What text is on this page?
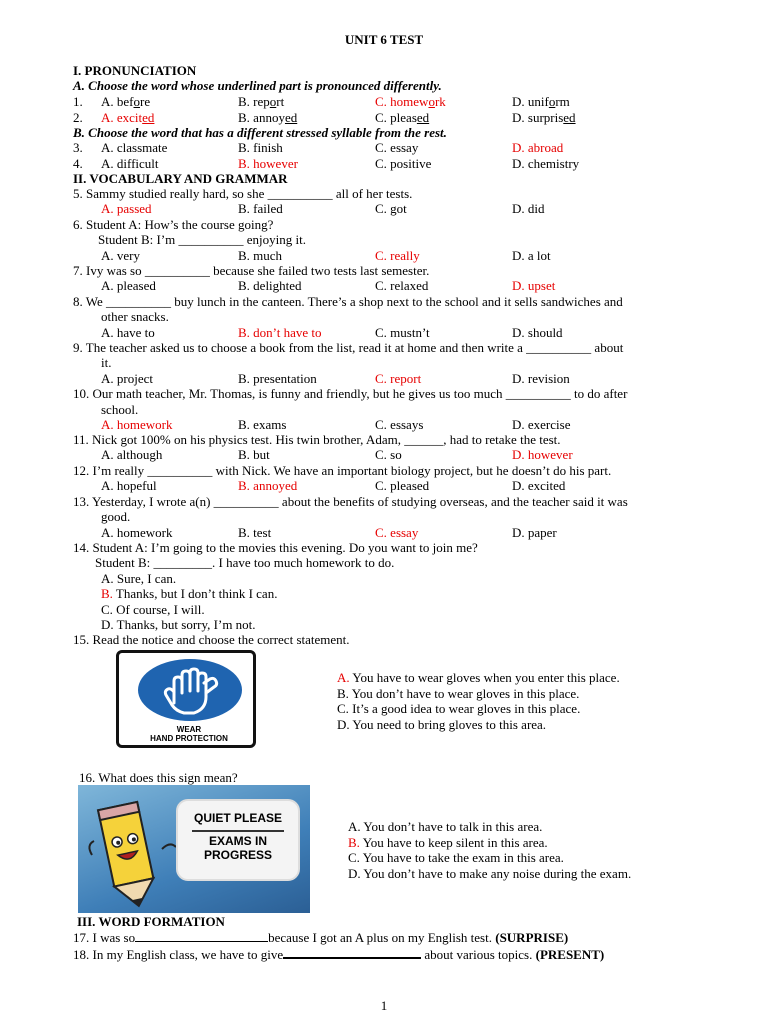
UNIT 6 TEST
I. PRONUNCIATION
A. Choose the word whose underlined part is pronounced differently.
1. A. before	B. report	C. homework	D. uniform
2. A. excited	B. annoyed	C. pleased	D. surprised
B. Choose the word that has a different stressed syllable from the rest.
3. A. classmate	B. finish	C. essay	D. abroad
4. A. difficult	B. however	C. positive	D. chemistry
II. VOCABULARY AND GRAMMAR
5. Sammy studied really hard, so she __________ all of her tests.
A. passed	B. failed	C. got	D. did
6. Student A: How’s the course going?
Student B: I’m __________ enjoying it.
A. very	B. much	C. really	D. a lot
7. Ivy was so __________ because she failed two tests last semester.
A. pleased	B. delighted	C. relaxed	D. upset
8. We __________ buy lunch in the canteen. There’s a shop next to the school and it sells sandwiches and
other snacks.
A. have to	B. don’t have to	C. mustn’t	D. should
9. The teacher asked us to choose a book from the list, read it at home and then write a __________ about
it.
A. project	B. presentation	C. report	D. revision
10. Our math teacher, Mr. Thomas, is funny and friendly, but he gives us too much __________ to do after
school.
A. homework	B. exams	C. essays	D. exercise
11. Nick got 100% on his physics test. His twin brother, Adam, ______, had to retake the test.
A. although	B. but	C. so	D. however
12. I’m really __________ with Nick. We have an important biology project, but he doesn’t do his part.
A. hopeful	B. annoyed	C. pleased	D. excited
13. Yesterday, I wrote a(n) __________ about the benefits of studying overseas, and the teacher said it was
good.
A. homework	B. test	C. essay	D. paper
14. Student A: I’m going to the movies this evening. Do you want to join me?
Student B: _________. I have too much homework to do.
A. Sure, I can.
B. Thanks, but I don’t think I can.
C. Of course, I will.
D. Thanks, but sorry, I’m not.
15. Read the notice and choose the correct statement.
WEAR
HAND PROTECTION
A. You have to wear gloves when you enter this place.
B. You don’t have to wear gloves in this place.
C. It’s a good idea to wear gloves in this place.
D. You need to bring gloves to this area.
16. What does this sign mean?
QUIET PLEASE
EXAMS IN PROGRESS
A. You don’t have to talk in this area.
B. You have to keep silent in this area.
C. You have to take the exam in this area.
D. You don’t have to make any noise during the exam.
III. WORD FORMATION
17. I was so	because I got an A plus on my English test. (SURPRISE)
18. In my English class, we have to give	about various topics. (PRESENT)
1
